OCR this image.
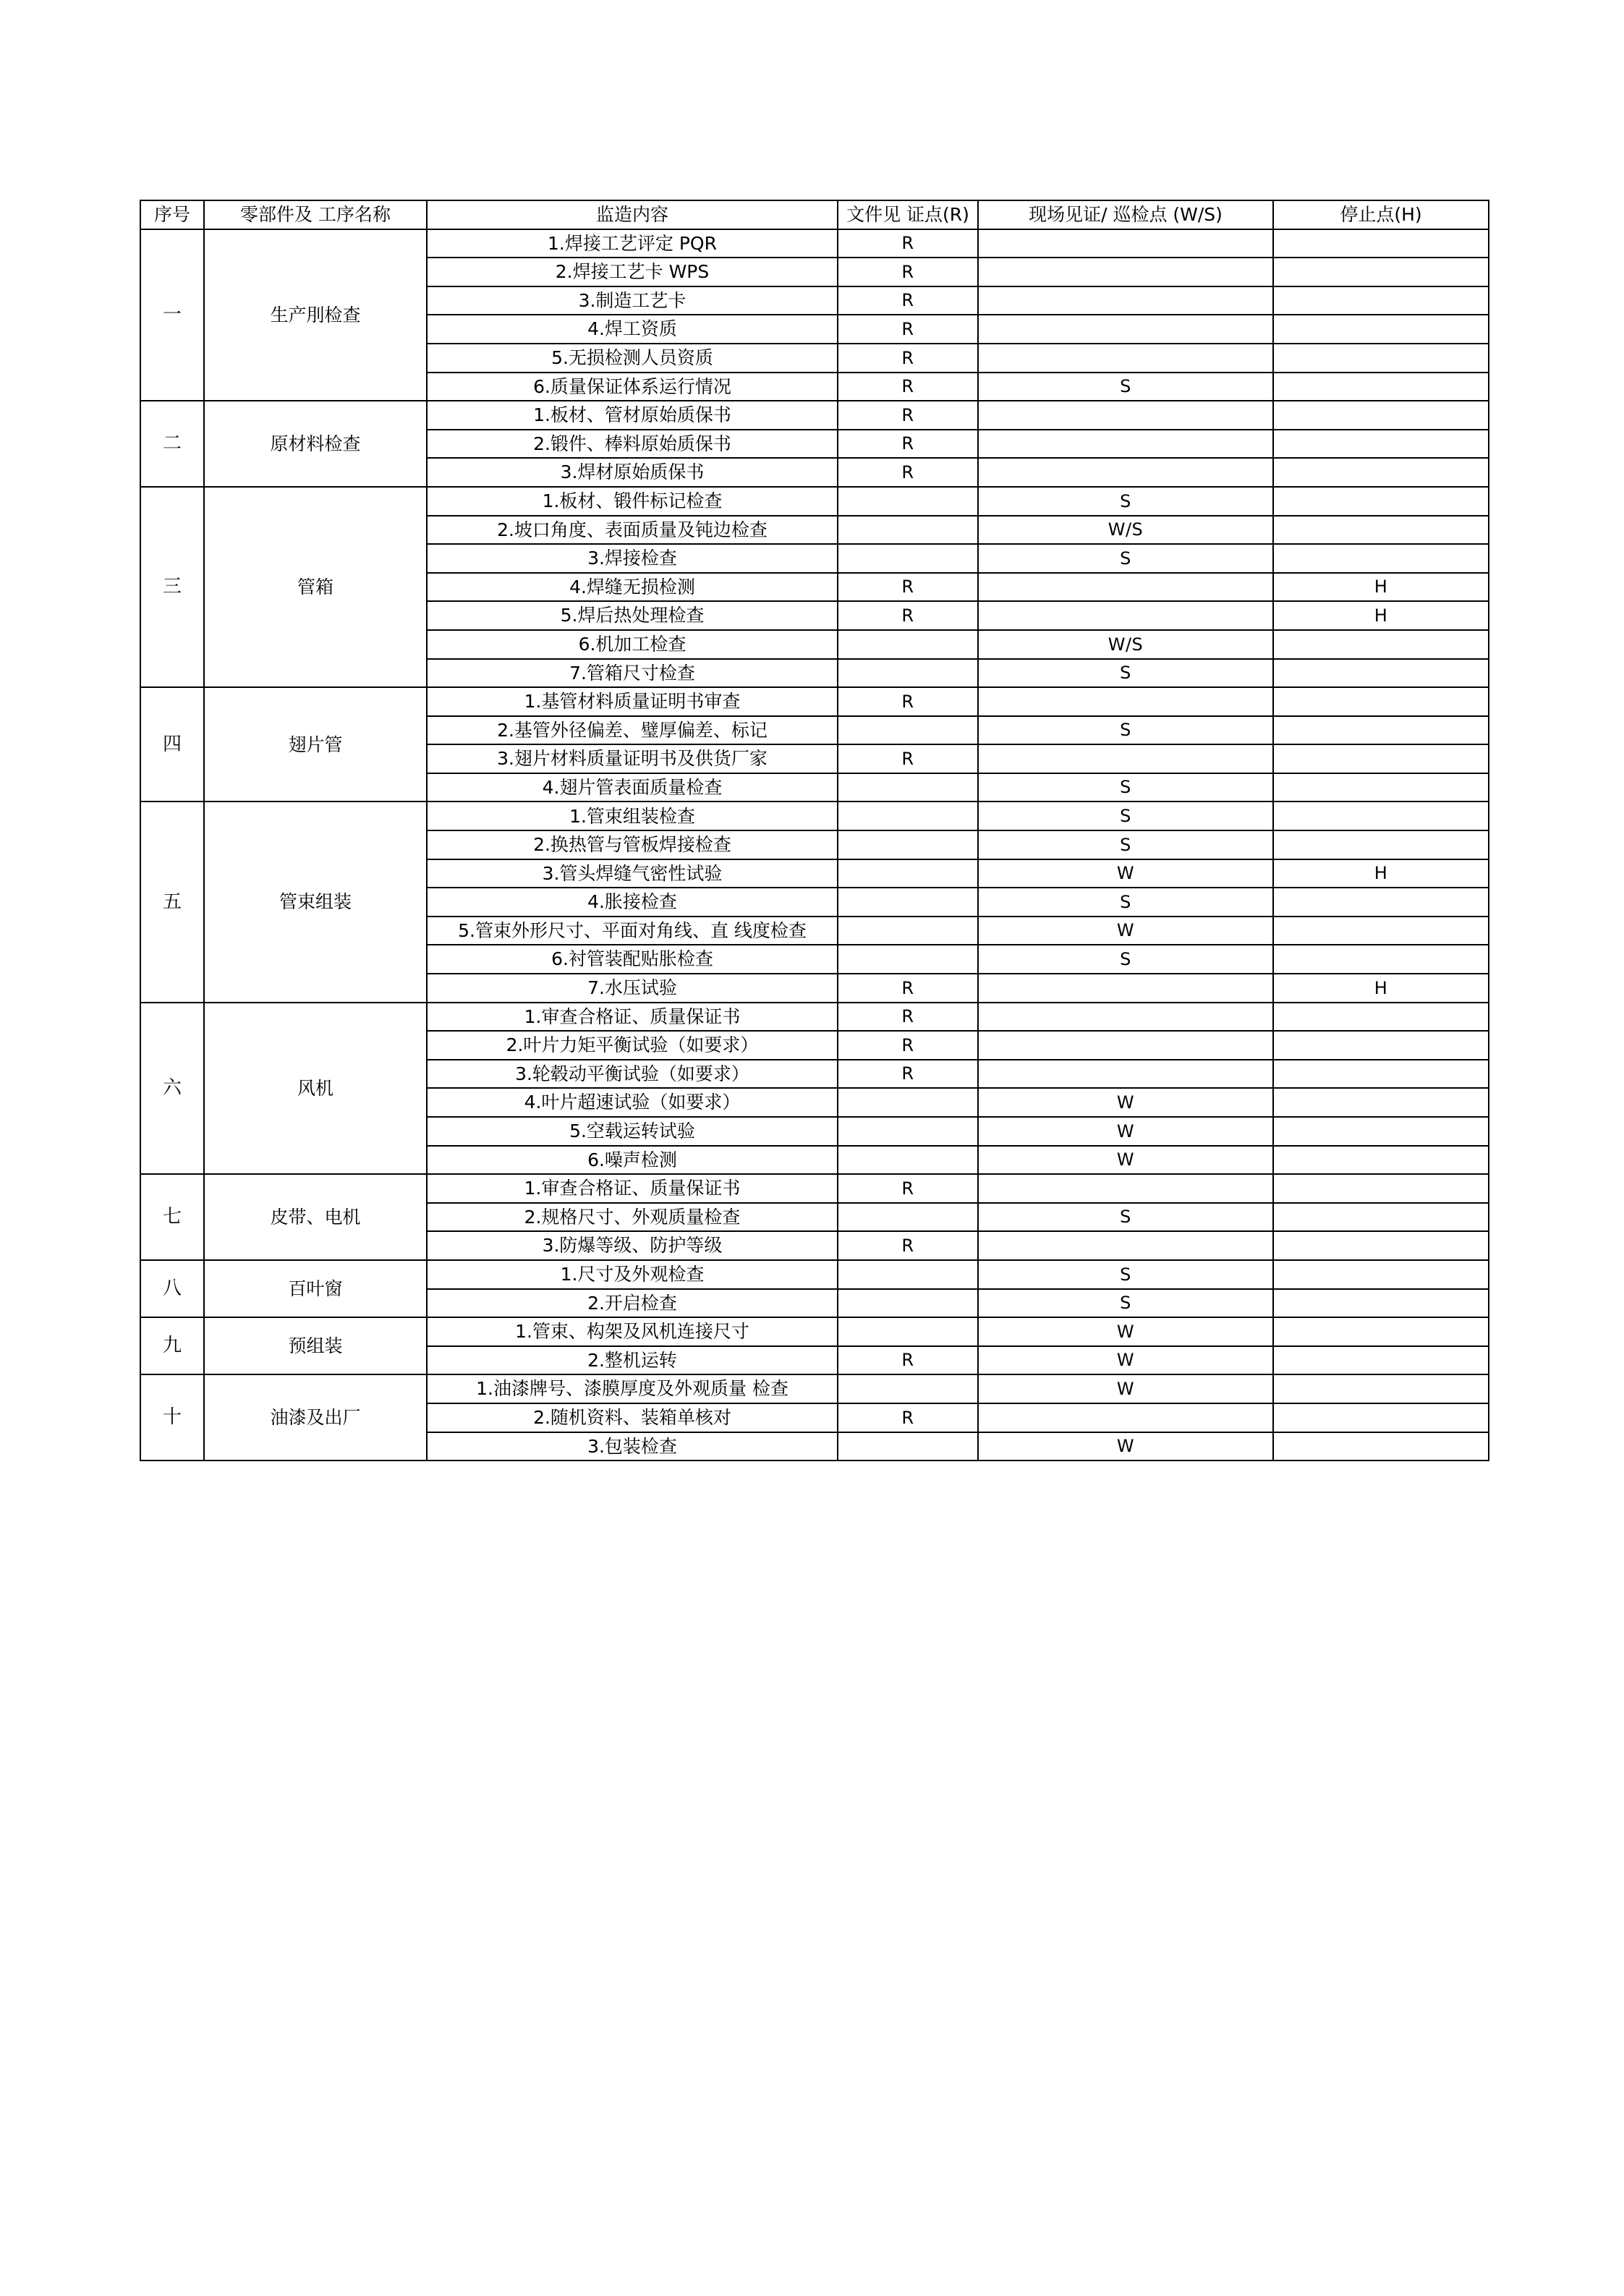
序号	零部件及 工序名称	监造内容	文件见 证点(R)	现场见证/ 巡检点 (W/S)	停止点(H)
一	生产刖检查	1.焊接工艺评定 PQR	R		
		2.焊接工艺卡 WPS	R		
		3.制造工艺卡	R		
		4.焊工资质	R		
		5.无损检测人员资质	R		
		6.质量保证体系运行情况	R	S	
二	原材料检查	1.板材、管材原始质保书	R		
		2.锻件、棒料原始质保书	R		
		3.焊材原始质保书	R		
三	管箱	1.板材、锻件标记检查		S	
		2.坡口角度、表面质量及钝边检查		W/S	
		3.焊接检查		S	
		4.焊缝无损检测	R		H
		5.焊后热处理检查	R		H
		6.机加工检查		W/S	
		7.管箱尺寸检查		S	
四	翅片管	1.基管材料质量证明书审查	R		
		2.基管外径偏差、璧厚偏差、标记		S	
		3.翅片材料质量证明书及供货厂家	R		
		4.翅片管表面质量检查		S	
五	管束组装	1.管束组装检查		S	
		2.换热管与管板焊接检查		S	
		3.管头焊缝气密性试验		W	H
		4.胀接检查		S	
		5.管束外形尺寸、平面对角线、直 线度检查		W	
		6.衬管装配贴胀检查		S	
		7.水压试验	R		H
六	风机	1.审查合格证、质量保证书	R		
		2.叶片力矩平衡试验（如要求）	R		
		3.轮毂动平衡试验（如要求）	R		
		4.叶片超速试验（如要求）		W	
		5.空载运转试验		W	
		6.噪声检测		W	
七	皮带、电机	1.审查合格证、质量保证书	R		
		2.规格尺寸、外观质量检查		S	
		3.防爆等级、防护等级	R		
八	百叶窗	1.尺寸及外观检查		S	
		2.开启检查		S	
九	预组装	1.管束、构架及风机连接尺寸		W	
		2.整机运转	R	W	
十	油漆及出厂	1.油漆牌号、漆膜厚度及外观质量 检查		W	
		2.随机资料、装箱单核对	R		
		3.包装检查		W	
